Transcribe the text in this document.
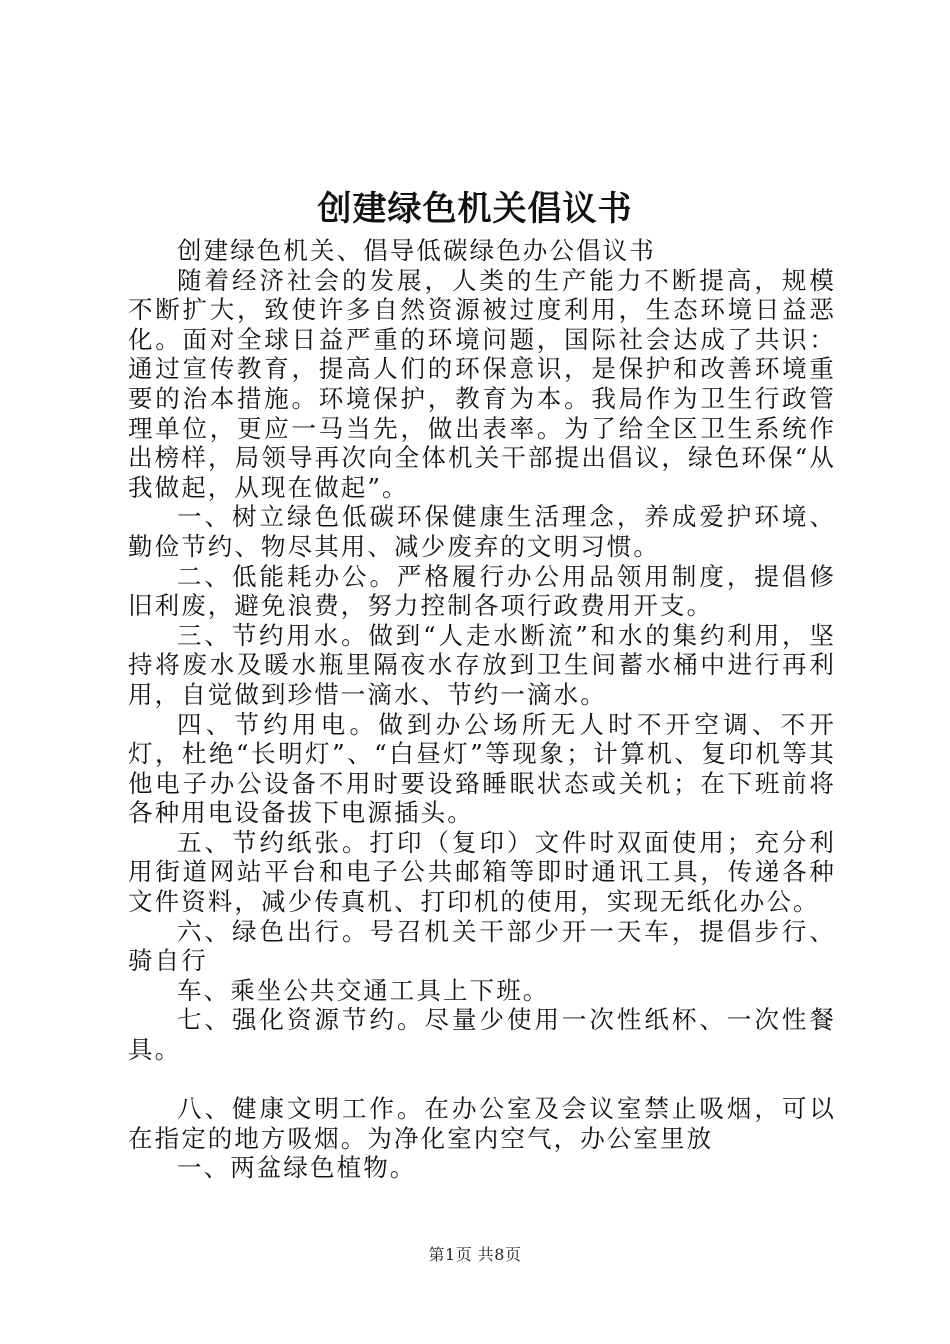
创建绿色机关倡议书

创建绿色机关、倡导低碳绿色办公倡议书

随着经济社会的发展，人类的生产能力不断提高，规模不断扩大，致使许多自然资源被过度利用，生态环境日益恶化。面对全球日益严重的环境问题，国际社会达成了共识：通过宣传教育，提高人们的环保意识，是保护和改善环境重要的治本措施。环境保护，教育为本。我局作为卫生行政管理单位，更应一马当先，做出表率。为了给全区卫生系统作出榜样，局领导再次向全体机关干部提出倡议，绿色环保“从我做起，从现在做起”。

一、树立绿色低碳环保健康生活理念，养成爱护环境、勤俭节约、物尽其用、减少废弃的文明习惯。

二、低能耗办公。严格履行办公用品领用制度，提倡修旧利废，避免浪费，努力控制各项行政费用开支。

三、节约用水。做到“人走水断流”和水的集约利用，坚持将废水及暖水瓶里隔夜水存放到卫生间蓄水桶中进行再利用，自觉做到珍惜一滴水、节约一滴水。

四、节约用电。做到办公场所无人时不开空调、不开灯，杜绝“长明灯”、“白昼灯”等现象；计算机、复印机等其他电子办公设备不用时要设臵睡眠状态或关机；在下班前将各种用电设备拔下电源插头。

五、节约纸张。打印（复印）文件时双面使用；充分利用街道网站平台和电子公共邮箱等即时通讯工具，传递各种文件资料，减少传真机、打印机的使用，实现无纸化办公。

六、绿色出行。号召机关干部少开一天车，提倡步行、骑自行

车、乘坐公共交通工具上下班。

七、强化资源节约。尽量少使用一次性纸杯、一次性餐具。

八、健康文明工作。在办公室及会议室禁止吸烟，可以在指定的地方吸烟。为净化室内空气，办公室里放

一、两盆绿色植物。

第1页 共8页
